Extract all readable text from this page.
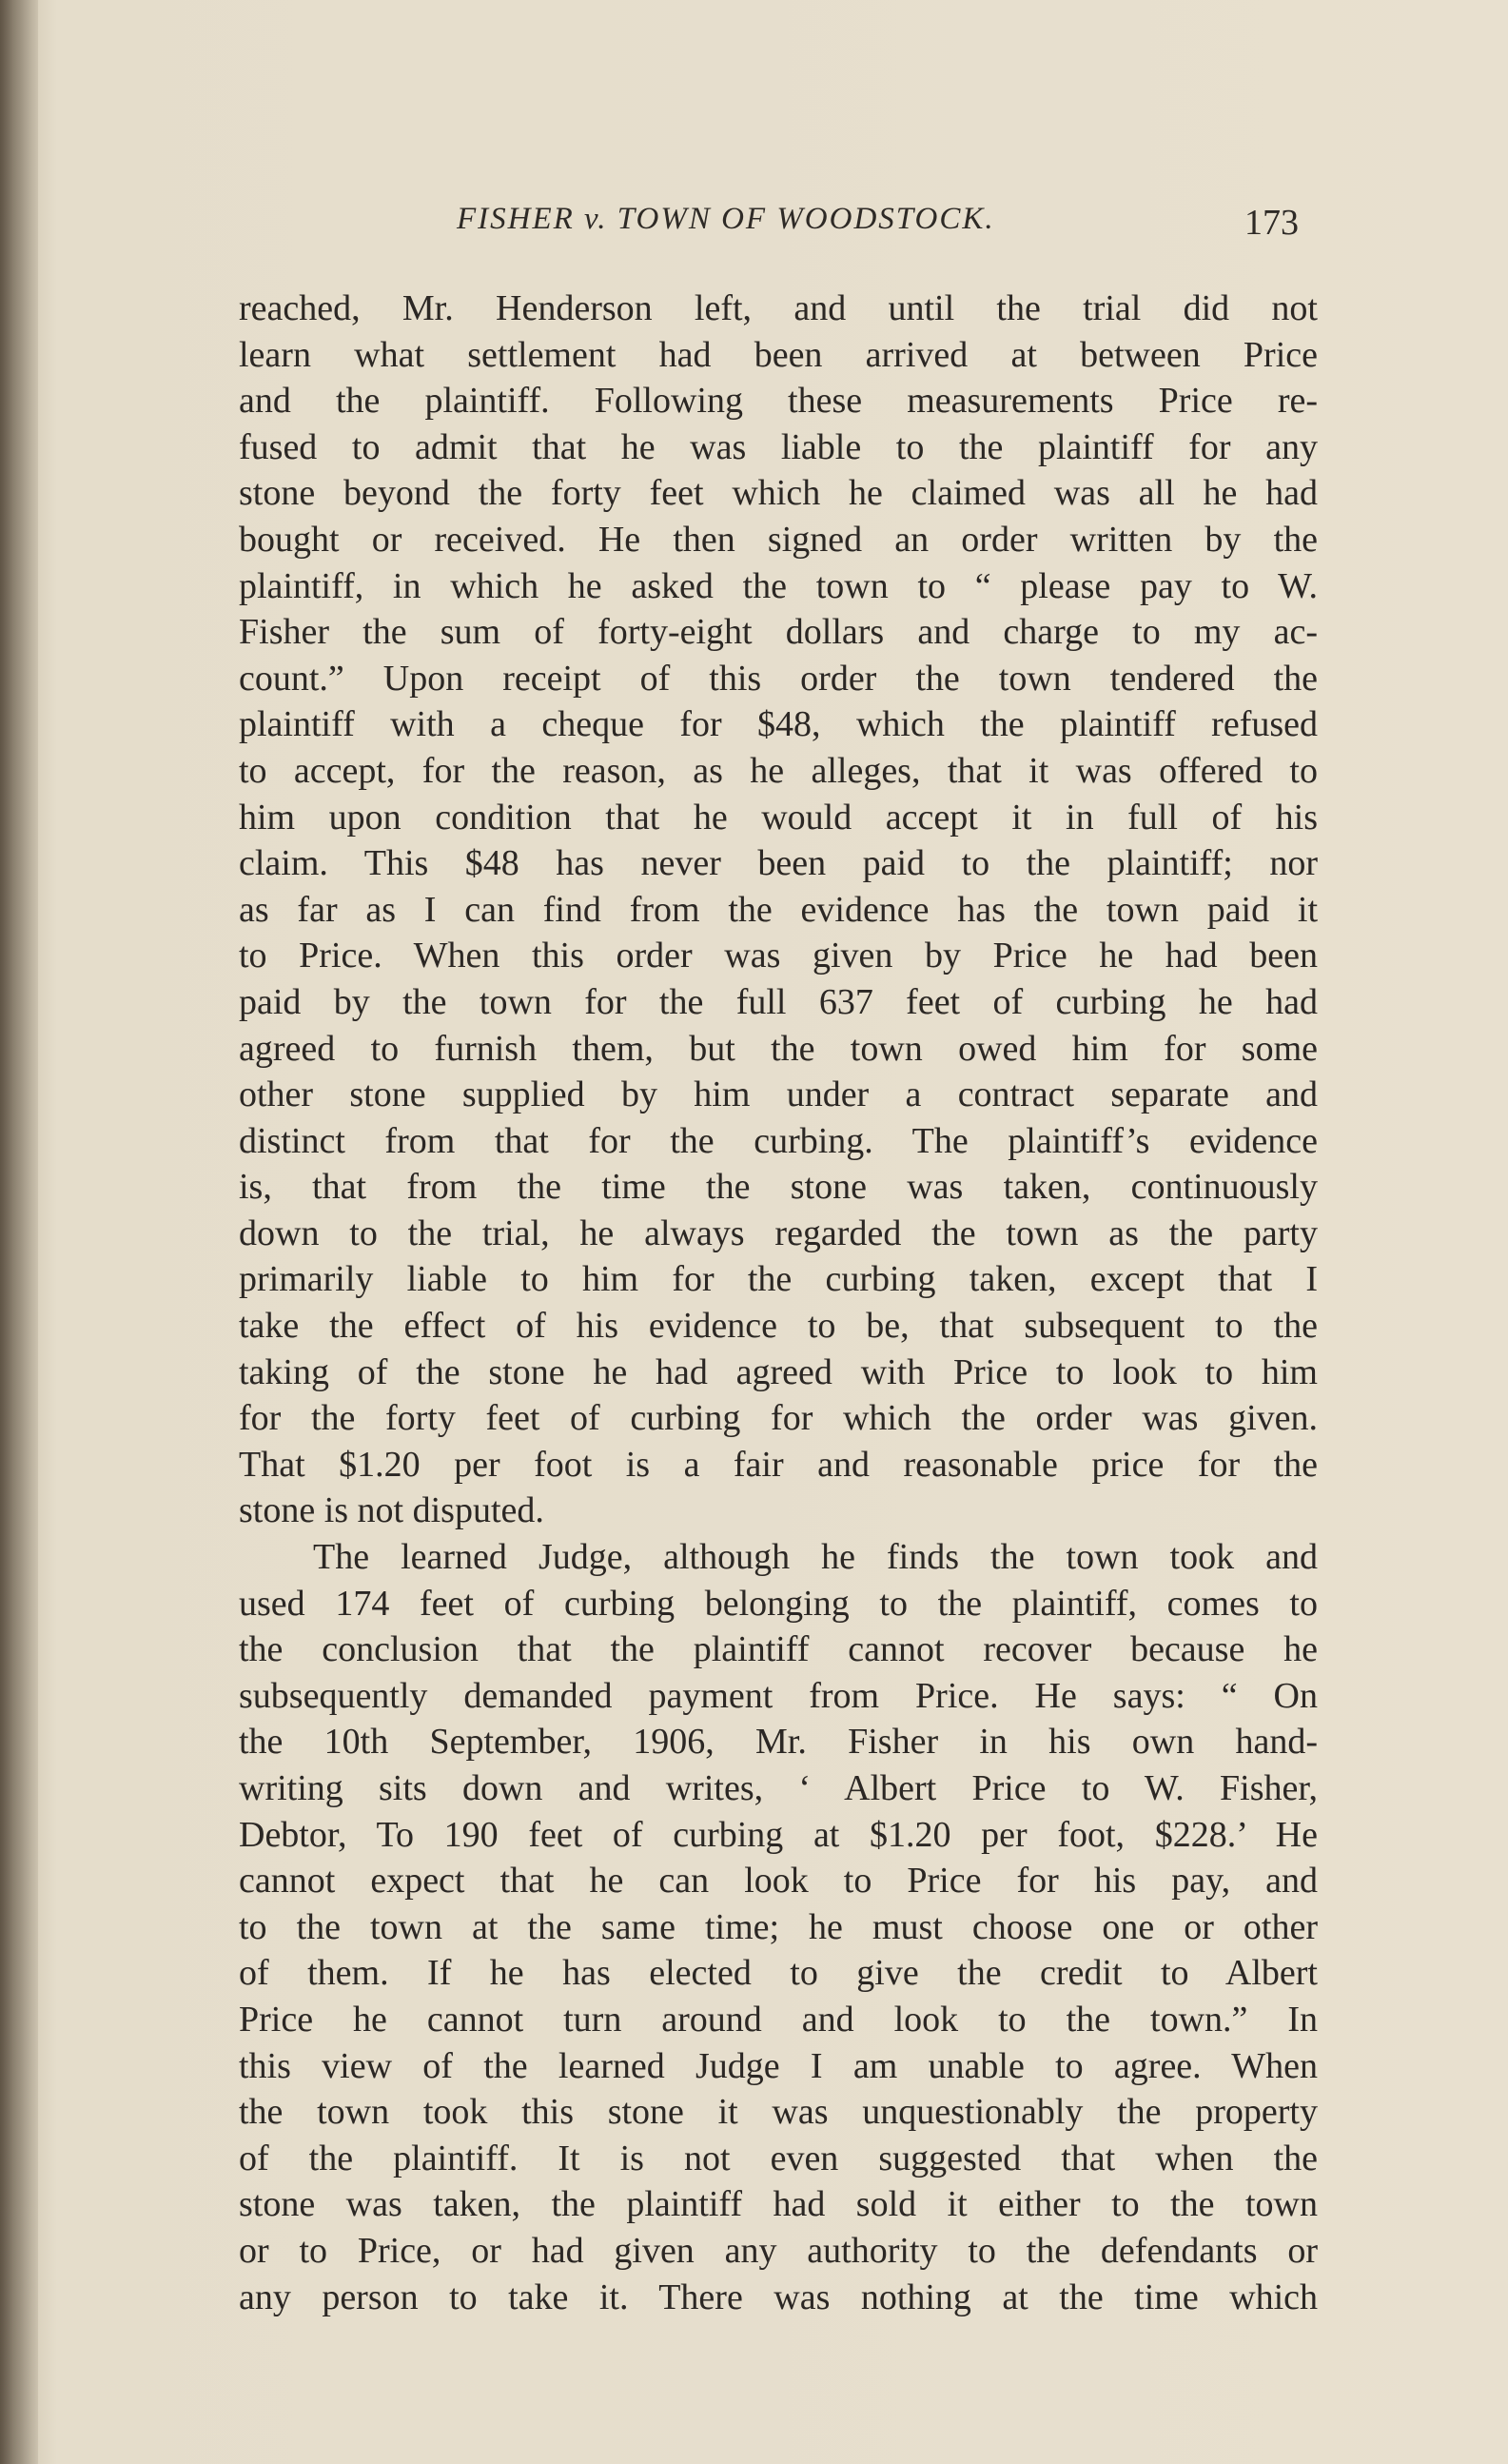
FISHER v. TOWN OF WOODSTOCK.	173
reached, Mr. Henderson left, and until the trial did not
learn what settlement had been arrived at between Price
and the plaintiff. Following these measurements Price re-
fused to admit that he was liable to the plaintiff for any
stone beyond the forty feet which he claimed was all he had
bought or received. He then signed an order written by the
plaintiff, in which he asked the town to “ please pay to W.
Fisher the sum of forty-eight dollars and charge to my ac-
count.” Upon receipt of this order the town tendered the
plaintiff with a cheque for $48, which the plaintiff refused
to accept, for the reason, as he alleges, that it was offered to
him upon condition that he would accept it in full of his
claim. This $48 has never been paid to the plaintiff; nor
as far as I can find from the evidence has the town paid it
to Price. When this order was given by Price he had been
paid by the town for the full 637 feet of curbing he had
agreed to furnish them, but the town owed him for some
other stone supplied by him under a contract separate and
distinct from that for the curbing. The plaintiff’s evidence
is, that from the time the stone was taken, continuously
down to the trial, he always regarded the town as the party
primarily liable to him for the curbing taken, except that I
take the effect of his evidence to be, that subsequent to the
taking of the stone he had agreed with Price to look to him
for the forty feet of curbing for which the order was given.
That $1.20 per foot is a fair and reasonable price for the
stone is not disputed.
The learned Judge, although he finds the town took and
used 174 feet of curbing belonging to the plaintiff, comes to
the conclusion that the plaintiff cannot recover because he
subsequently demanded payment from Price. He says: “ On
the 10th September, 1906, Mr. Fisher in his own hand-
writing sits down and writes, ‘ Albert Price to W. Fisher,
Debtor, To 190 feet of curbing at $1.20 per foot, $228.’ He
cannot expect that he can look to Price for his pay, and
to the town at the same time; he must choose one or other
of them. If he has elected to give the credit to Albert
Price he cannot turn around and look to the town.” In
this view of the learned Judge I am unable to agree. When
the town took this stone it was unquestionably the property
of the plaintiff. It is not even suggested that when the
stone was taken, the plaintiff had sold it either to the town
or to Price, or had given any authority to the defendants or
any person to take it. There was nothing at the time which
